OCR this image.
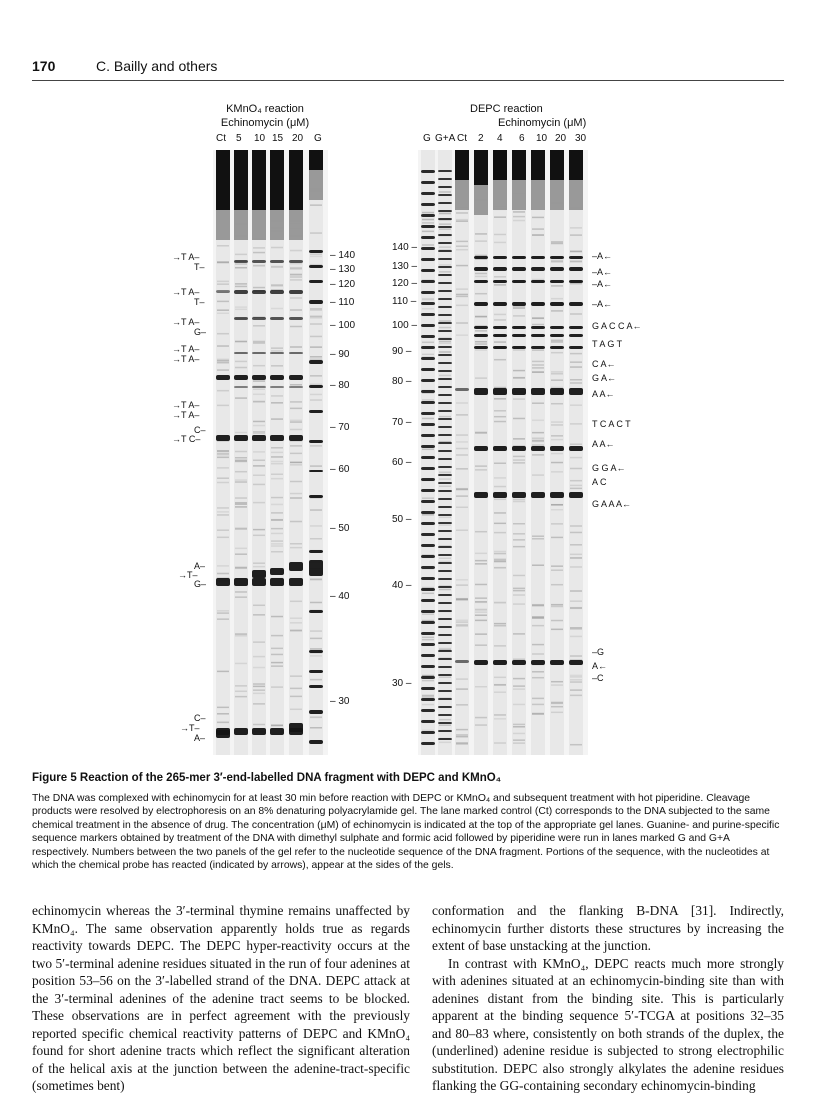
170	C. Bailly and others
KMnO₄ reaction
Echinomycin (μM)
Ct 5 10 15 20 G
– 140
– 130
– 120
– 110
– 100
– 90
– 80
– 70
– 60
– 50
– 40
– 30
→T A–
T–
→T A–
T–
→T A–
G–
→T A–
→T A–
→T A–
→T A–
C–
→T C–
A–
→T–
G–
C–
→T–
A–
DEPC reaction
Echinomycin (μM)
G G+A Ct 2 4 6 10 20 30
140 –
130 –
120 –
110 –
100 –
90 –
80 –
70 –
60 –
50 –
40 –
30 –
–A←
–A←
–A←
–A←
G A C C A←
T A G T
C A←
G A←
A A←
T C A C T
A A←
G G A←
A C
G A A A←
–G
A←
–C
Figure 5 Reaction of the 265-mer 3′-end-labelled DNA fragment with DEPC and KMnO₄
The DNA was complexed with echinomycin for at least 30 min before reaction with DEPC or KMnO₄ and subsequent treatment with hot piperidine. Cleavage products were resolved by electrophoresis on an 8% denaturing polyacrylamide gel. The lane marked control (Ct) corresponds to the DNA subjected to the same chemical treatment in the absence of drug. The concentration (μM) of echinomycin is indicated at the top of the appropriate gel lanes. Guanine- and purine-specific sequence markers obtained by treatment of the DNA with dimethyl sulphate and formic acid followed by piperidine were run in lanes marked G and G+A respectively. Numbers between the two panels of the gel refer to the nucleotide sequence of the DNA fragment. Portions of the sequence, with the nucleotides at which the chemical probe has reacted (indicated by arrows), appear at the sides of the gels.

echinomycin whereas the 3′-terminal thymine remains unaffected by KMnO₄. The same observation apparently holds true as regards reactivity towards DEPC. The DEPC hyper-reactivity occurs at the two 5′-terminal adenine residues situated in the run of four adenines at position 53–56 on the 3′-labelled strand of the DNA. DEPC attack at the 3′-terminal adenines of the adenine tract seems to be blocked. These observations are in perfect agreement with the previously reported specific chemical reactivity patterns of DEPC and KMnO₄ found for short adenine tracts which reflect the significant alteration of the helical axis at the junction between the adenine-tract-specific (sometimes bent)

conformation and the flanking B-DNA [31]. Indirectly, echinomycin further distorts these structures by increasing the extent of base unstacking at the junction.

In contrast with KMnO₄, DEPC reacts much more strongly with adenines situated at an echinomycin-binding site than with adenines distant from the binding site. This is particularly apparent at the binding sequence 5′-TCGA at positions 32–35 and 80–83 where, consistently on both strands of the duplex, the (underlined) adenine residue is subjected to strong electrophilic substitution. DEPC also strongly alkylates the adenine residues flanking the GG-containing secondary echinomycin-binding
